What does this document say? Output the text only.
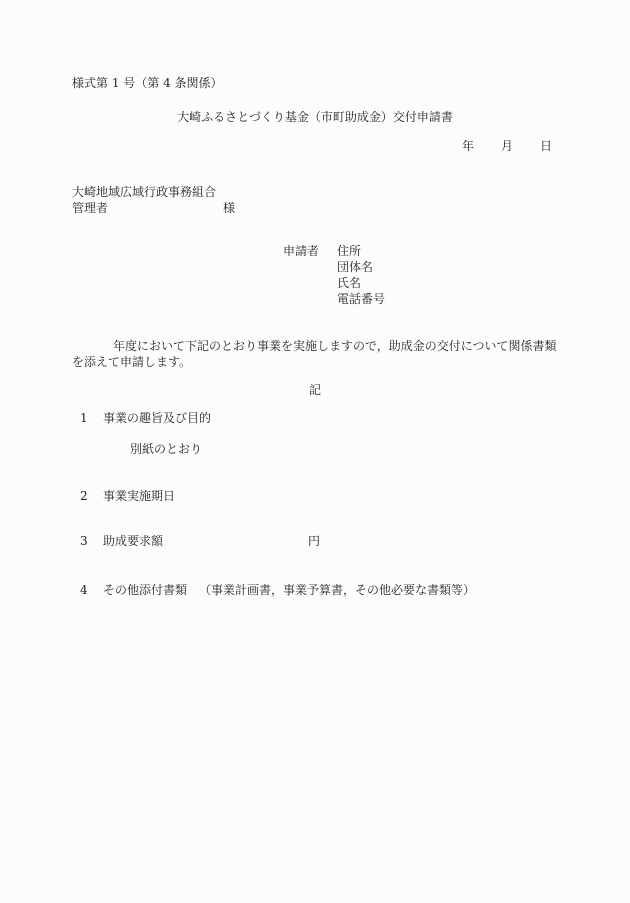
様式第 1 号（第 4 条関係）
大崎ふるさとづくり基金（市町助成金）交付申請書
年 月 日
大崎地域広域行政事務組合
管理者	様
申請者 住所
団体名
氏名
電話番号
年度において下記のとおり事業を実施しますので，助成金の交付について関係書類
を添えて申請します。
記
1 事業の趣旨及び目的
別紙のとおり
2 事業実施期日
3 助成要求額	円
4 その他添付書類 （事業計画書，事業予算書，その他必要な書類等）
